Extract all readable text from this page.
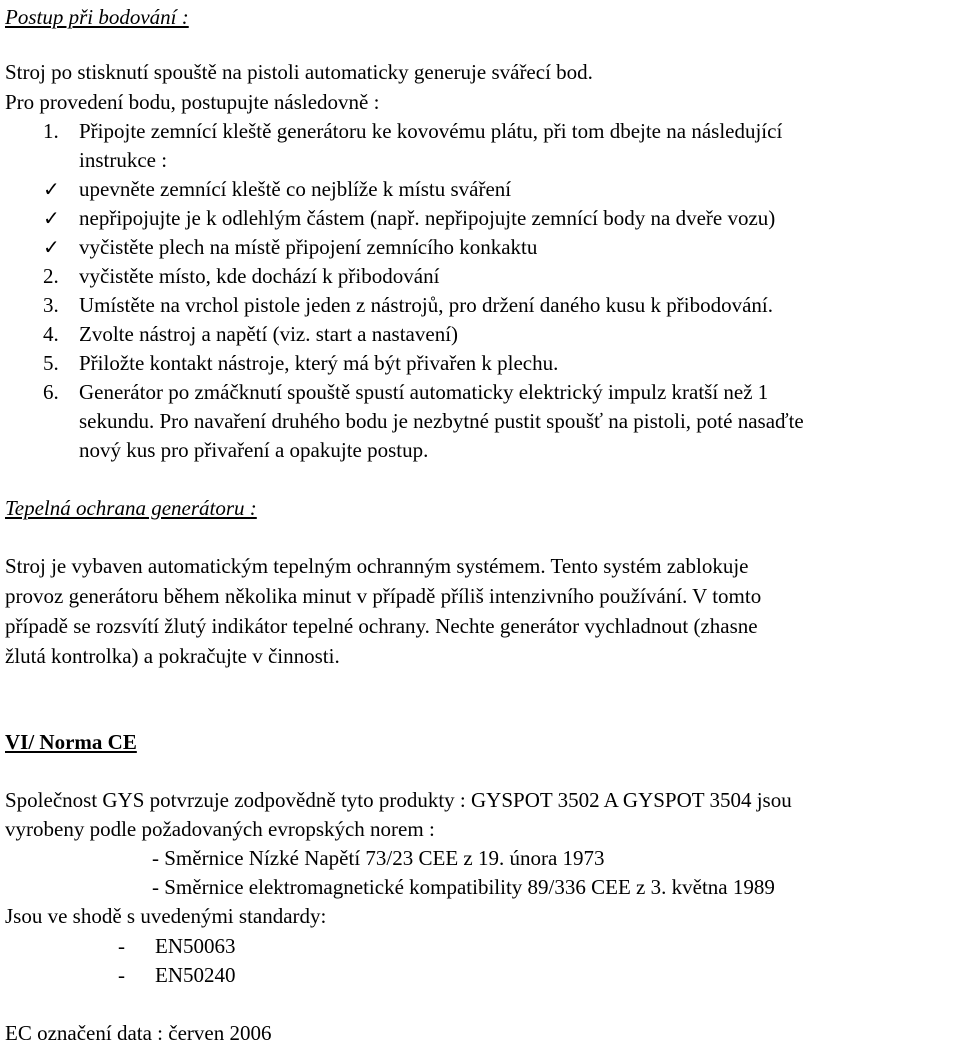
Postup při bodování :
Stroj po stisknutí spouště na pistoli automaticky generuje svářecí bod.
Pro provedení bodu, postupujte následovně :
1. Připojte zemnící kleště generátoru ke kovovému plátu, při tom dbejte na následující
instrukce :
✓ upevněte zemnící kleště co nejblíže k místu sváření
✓ nepřipojujte je k odlehlým částem (např. nepřipojujte zemnící body na dveře vozu)
✓ vyčistěte plech na místě připojení zemnícího konkaktu
2. vyčistěte místo, kde dochází k přibodování
3. Umístěte na vrchol pistole jeden z nástrojů, pro držení daného kusu k přibodování.
4. Zvolte nástroj a napětí (viz. start a nastavení)
5. Přiložte kontakt nástroje, který má být přivařen k plechu.
6. Generátor po zmáčknutí spouště spustí automaticky elektrický impulz kratší než 1
sekundu. Pro navaření druhého bodu je nezbytné pustit spoušť na pistoli, poté nasaďte
nový kus pro přivaření a opakujte postup.
Tepelná ochrana generátoru :
Stroj je vybaven automatickým tepelným ochranným systémem. Tento systém zablokuje
provoz generátoru během několika minut v případě příliš intenzivního používání. V tomto
případě se rozsvítí žlutý indikátor tepelné ochrany. Nechte generátor vychladnout (zhasne
žlutá kontrolka) a pokračujte v činnosti.
VI/ Norma CE
Společnost GYS potvrzuje zodpovědně tyto produkty : GYSPOT 3502 A GYSPOT 3504 jsou
vyrobeny podle požadovaných evropských norem :
- Směrnice Nízké Napětí 73/23 CEE z 19. února 1973
- Směrnice elektromagnetické kompatibility 89/336 CEE z 3. května 1989
Jsou ve shodě s uvedenými standardy:
- EN50063
- EN50240
EC označení data : červen 2006
